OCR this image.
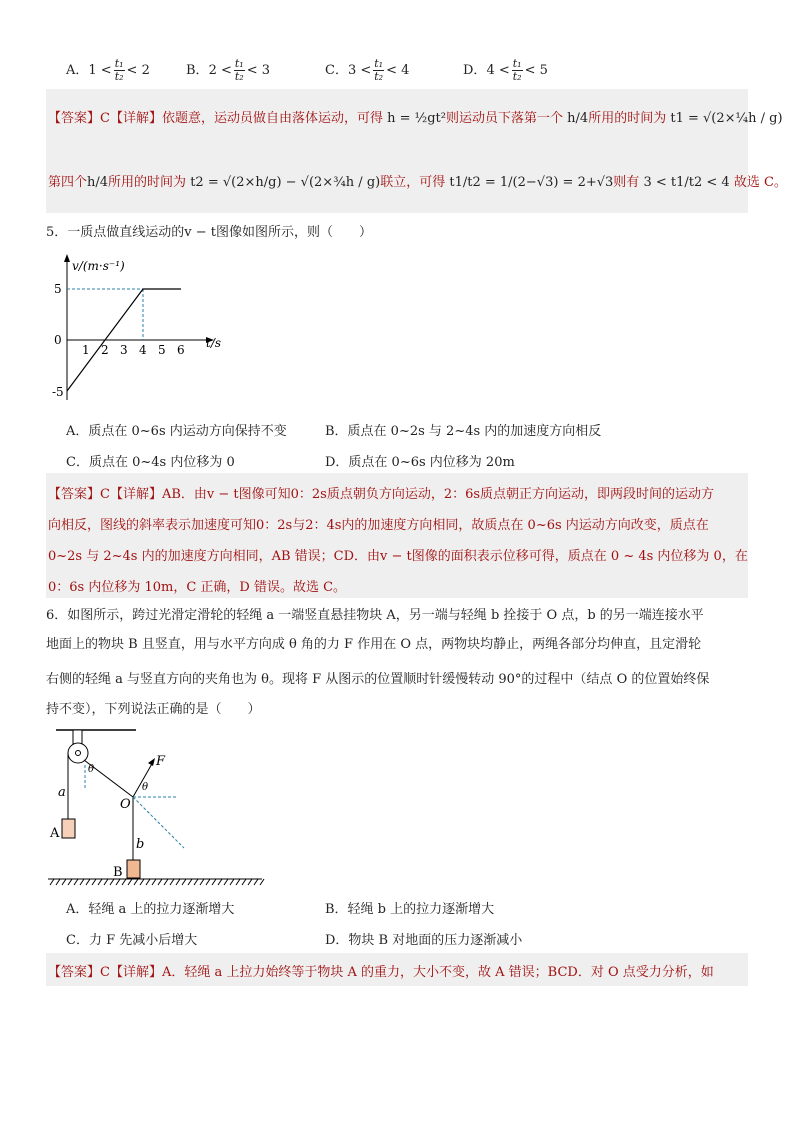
A．$1 < \frac{\text{t₁}}{\text{t₂}} < 2$	B．$2 < \frac{\text{t₁}}{\text{t₂}} < 3$	C．$3 < \frac{\text{t₁}}{\text{t₂}} < 4$	D．$4 < \frac{\text{t₁}}{\text{t₂}} < 5$
【答案】C【详解】依题意，运动员做自由落体运动，可得 h = ½gt²则运动员下落第一个 h/4所用的时间为 t1 = √(2×¼h / g)
第四个h/4所用的时间为 t2 = √(2×h/g) − √(2×¾h / g)联立，可得 t1/t2 = 1/(2−√3) = 2+√3则有 3 < t1/t2 < 4 故选 C。
5．一质点做直线运动的v − t图像如图所示，则（　　）
v/(m·s⁻¹)
t/s
5
0
-5
1 2 3 4 5 6
A．质点在 0~6s 内运动方向保持不变	B．质点在 0~2s 与 2~4s 内的加速度方向相反
C．质点在 0~4s 内位移为 0	D．质点在 0~6s 内位移为 20m
【答案】C【详解】AB．由v − t图像可知0：2s质点朝负方向运动，2：6s质点朝正方向运动，即两段时间的运动方
向相反，图线的斜率表示加速度可知0：2s与2：4s内的加速度方向相同，故质点在 0~6s 内运动方向改变，质点在
0~2s 与 2~4s 内的加速度方向相同，AB 错误；CD．由v − t图像的面积表示位移可得，质点在 0 ~ 4s 内位移为 0，在
0：6s 内位移为 10m，C 正确，D 错误。故选 C。
6．如图所示，跨过光滑定滑轮的轻绳 a 一端竖直悬挂物块 A，另一端与轻绳 b 拴接于 O 点，b 的另一端连接水平
地面上的物块 B 且竖直，用与水平方向成 θ 角的力 F 作用在 O 点，两物块均静止，两绳各部分均伸直，且定滑轮
右侧的轻绳 a 与竖直方向的夹角也为 θ。现将 F 从图示的位置顺时针缓慢转动 90°的过程中（结点 O 的位置始终保
持不变），下列说法正确的是（　　）
θ
θ
a
A
O
b
B
F
A．轻绳 a 上的拉力逐渐增大	B．轻绳 b 上的拉力逐渐增大
C．力 F 先减小后增大	D．物块 B 对地面的压力逐渐减小
【答案】C【详解】A．轻绳 a 上拉力始终等于物块 A 的重力，大小不变，故 A 错误；BCD．对 O 点受力分析，如
